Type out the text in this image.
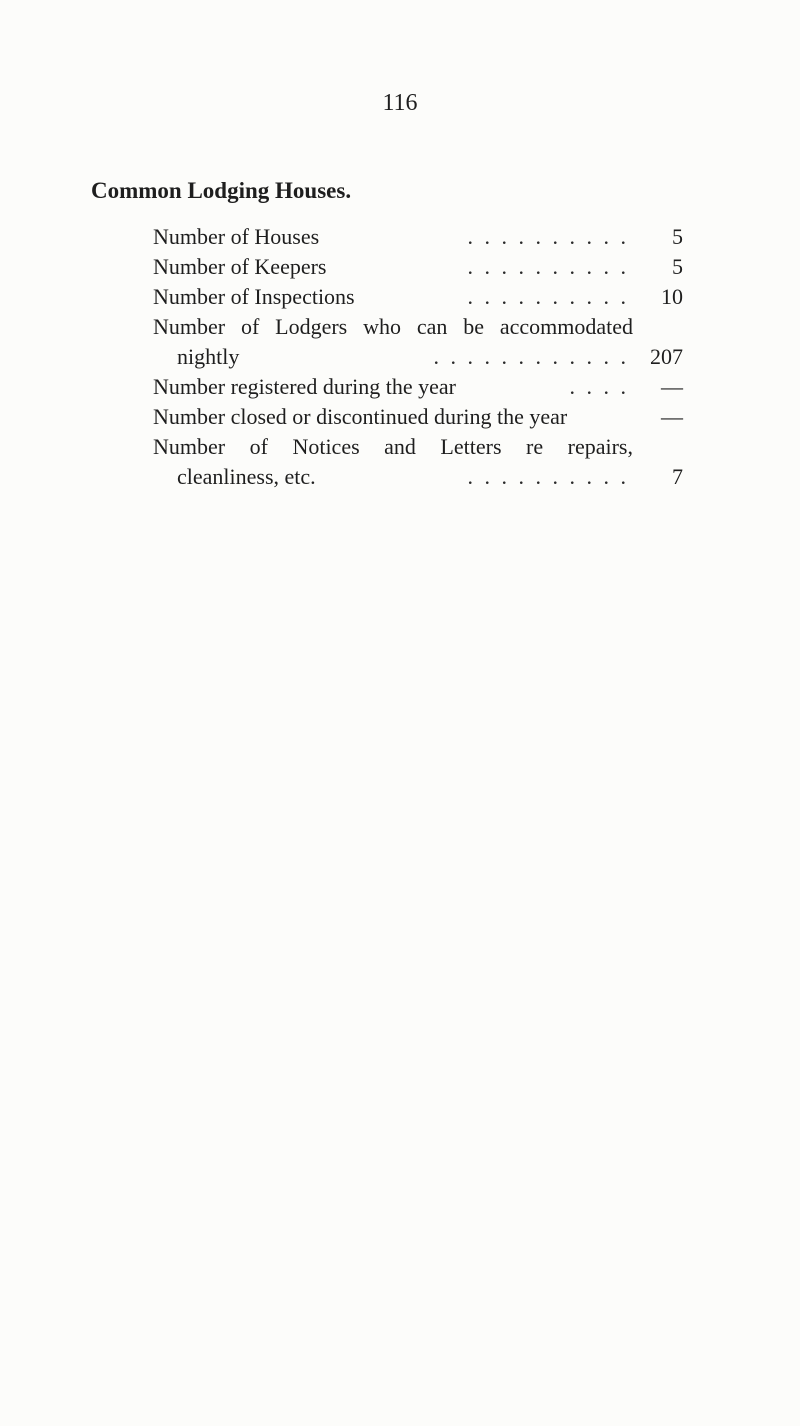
116
Common Lodging Houses.
Number of Houses	. . . . . . . . . .	5
Number of Keepers	. . . . . . . . . .	5
Number of Inspections	. . . . . . . . . .	10
Number of Lodgers who can be accommodated
nightly	. . . . . . . . . . . . 207
Number registered during the year	. . . .	—
Number closed or discontinued during the year	—
Number of Notices and Letters re repairs,
cleanliness, etc.	. . . . . . . . . .	7
